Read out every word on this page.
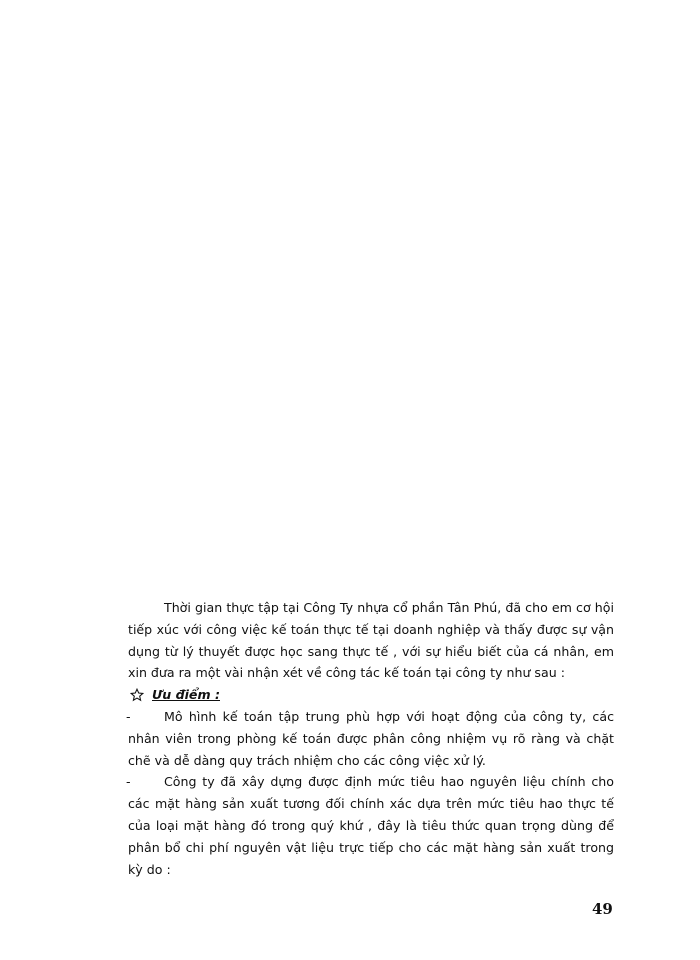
Thời gian thực tập tại Công Ty nhựa cổ phần Tân Phú, đã cho em cơ hội tiếp xúc với công việc kế toán thực tế tại doanh nghiệp và thấy được sự vận dụng từ lý thuyết được học sang thực tế , với sự hiểu biết của cá nhân, em xin đưa ra một vài nhận xét về công tác kế toán tại công ty như sau :

Ưu điểm :

-	Mô hình kế toán tập trung phù hợp với hoạt động của công ty, các nhân viên trong phòng kế toán được phân công nhiệm vụ rõ ràng và chặt chẽ và dễ dàng quy trách nhiệm cho các công việc xử lý.
-	Công ty đã xây dựng được định mức tiêu hao nguyên liệu chính cho các mặt hàng sản xuất tương đối chính xác dựa trên mức tiêu hao thực tế của loại mặt hàng đó trong quý khứ , đây là tiêu thức quan trọng dùng để phân bổ chi phí nguyên vật liệu trực tiếp cho các mặt hàng sản xuất trong kỳ do :
49
